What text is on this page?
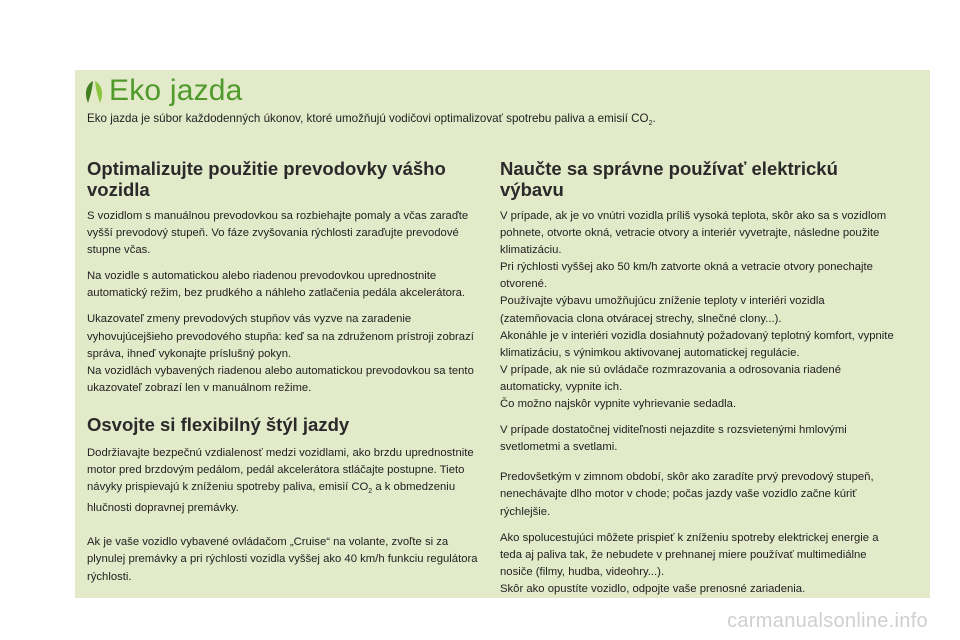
Eko jazda

Eko jazda je súbor každodenných úkonov, ktoré umožňujú vodičovi optimalizovať spotrebu paliva a emisií $CO_2$.

Optimalizujte použitie prevodovky vášho vozidla

S vozidlom s manuálnou prevodovkou sa rozbiehajte pomaly a včas zaraďte vyšší prevodový stupeň. Vo fáze zvyšovania rýchlosti zaraďujte prevodové stupne včas.

Na vozidle s automatickou alebo riadenou prevodovkou uprednostnite automatický režim, bez prudkého a náhleho zatlačenia pedála akcelerátora.

Ukazovateľ zmeny prevodových stupňov vás vyzve na zaradenie vyhovujúcejšieho prevodového stupňa: keď sa na združenom prístroji zobrazí správa, ihneď vykonajte príslušný pokyn.

Na vozidlách vybavených riadenou alebo automatickou prevodovkou sa tento ukazovateľ zobrazí len v manuálnom režime.

Osvojte si flexibilný štýl jazdy

Dodržiavajte bezpečnú vzdialenosť medzi vozidlami, ako brzdu uprednostnite motor pred brzdovým pedálom, pedál akcelerátora stláčajte postupne. Tieto návyky prispievajú k zníženiu spotreby paliva, emisií $CO_2$ a k obmedzeniu hlučnosti dopravnej premávky.

Ak je vaše vozidlo vybavené ovládačom „Cruise“ na volante, zvoľte si za plynulej premávky a pri rýchlosti vozidla vyššej ako 40 km/h funkciu regulátora rýchlosti.

Naučte sa správne používať elektrickú výbavu

V prípade, ak je vo vnútri vozidla príliš vysoká teplota, skôr ako sa s vozidlom pohnete, otvorte okná, vetracie otvory a interiér vyvetrajte, následne použite klimatizáciu.

Pri rýchlosti vyššej ako 50 km/h zatvorte okná a vetracie otvory ponechajte otvorené.

Používajte výbavu umožňujúcu zníženie teploty v interiéri vozidla (zatemňovacia clona otváracej strechy, slnečné clony...).

Akonáhle je v interiéri vozidla dosiahnutý požadovaný teplotný komfort, vypnite klimatizáciu, s výnimkou aktivovanej automatickej regulácie.

V prípade, ak nie sú ovládače rozmrazovania a odrosovania riadené automaticky, vypnite ich.

Čo možno najskôr vypnite vyhrievanie sedadla.

V prípade dostatočnej viditeľnosti nejazdite s rozsvietenými hmlovými svetlometmi a svetlami.

Predovšetkým v zimnom období, skôr ako zaradíte prvý prevodový stupeň, nenechávajte dlho motor v chode; počas jazdy vaše vozidlo začne kúriť rýchlejšie.

Ako spolucestujúci môžete prispieť k zníženiu spotreby elektrickej energie a teda aj paliva tak, že nebudete v prehnanej miere používať multimediálne nosiče (filmy, hudba, videohry...).

Skôr ako opustíte vozidlo, odpojte vaše prenosné zariadenia.

carmanualsonline.info
